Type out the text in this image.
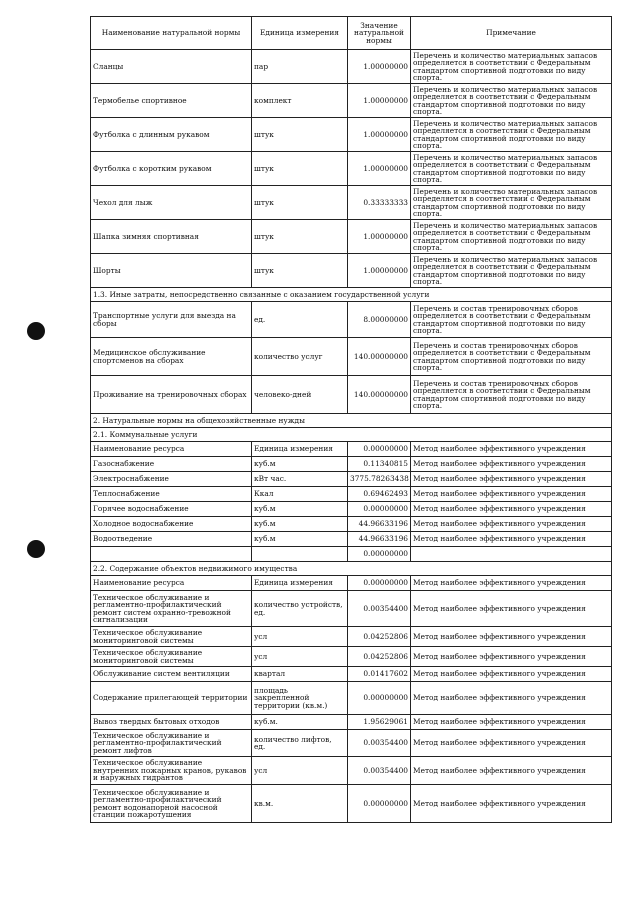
Наименование натуральной нормы	Единица измерения	Значение натуральной нормы	Примечание
Сланцы	пар	1.00000000	Перечень и количество материальных запасов определяется в соответствии с Федеральным стандартом спортивной подготовки по виду спорта.
Термобелье спортивное	комплект	1.00000000	Перечень и количество материальных запасов определяется в соответствии с Федеральным стандартом спортивной подготовки по виду спорта.
Футболка с длинным рукавом	штук	1.00000000	Перечень и количество материальных запасов определяется в соответствии с Федеральным стандартом спортивной подготовки по виду спорта.
Футболка с коротким рукавом	штук	1.00000000	Перечень и количество материальных запасов определяется в соответствии с Федеральным стандартом спортивной подготовки по виду спорта.
Чехол для лыж	штук	0.33333333	Перечень и количество материальных запасов определяется в соответствии с Федеральным стандартом спортивной подготовки по виду спорта.
Шапка зимняя спортивная	штук	1.00000000	Перечень и количество материальных запасов определяется в соответствии с Федеральным стандартом спортивной подготовки по виду спорта.
Шорты	штук	1.00000000	Перечень и количество материальных запасов определяется в соответствии с Федеральным стандартом спортивной подготовки по виду спорта.
1.3. Иные затраты, непосредственно связанные с оказанием государственной услуги			
Транспортные услуги для выезда на сборы	ед.	8.00000000	Перечень и состав тренировочных сборов определяется в соответствии с Федеральным стандартом спортивной подготовки по виду спорта.
Медицинское обслуживание спортсменов на сборах	количество услуг	140.00000000	Перечень и состав тренировочных сборов определяется в соответствии с Федеральным стандартом спортивной подготовки по виду спорта.
Проживание на тренировочных сборах	человеко-дней	140.00000000	Перечень и состав тренировочных сборов определяется в соответствии с Федеральным стандартом спортивной подготовки по виду спорта.
2. Натуральные нормы на общехозяйственные нужды			
2.1. Коммунальные услуги			
Наименование ресурса	Единица измерения	0.00000000	Метод наиболее эффективного учреждения
Газоснабжение	куб.м	0.11340815	Метод наиболее эффективного учреждения
Электроснабжение	кВт час.	3775.78263438	Метод наиболее эффективного учреждения
Теплоснабжение	Ккал	0.69462493	Метод наиболее эффективного учреждения
Горячее водоснабжение	куб.м	0.00000000	Метод наиболее эффективного учреждения
Холодное водоснабжение	куб.м	44.96633196	Метод наиболее эффективного учреждения
Водоотведение	куб.м	44.96633196	Метод наиболее эффективного учреждения
		0.00000000	
2.2. Содержание объектов недвижимого имущества			
Наименование ресурса	Единица измерения	0.00000000	Метод наиболее эффективного учреждения
Техническое обслуживание и регламентно-профилактический ремонт систем охранно-тревожной сигнализации	количество устройств, ед.	0.00354400	Метод наиболее эффективного учреждения
Техническое обслуживание мониторинговой системы	усл	0.04252806	Метод наиболее эффективного учреждения
Техническое обслуживание мониторинговой системы	усл	0.04252806	Метод наиболее эффективного учреждения
Обслуживание систем вентиляции	квартал	0.01417602	Метод наиболее эффективного учреждения
Содержание прилегающей территории	площадь закрепленной территории (кв.м.)	0.00000000	Метод наиболее эффективного учреждения
Вывоз твердых бытовых отходов	куб.м.	1.95629061	Метод наиболее эффективного учреждения
Техническое обслуживание и регламентно-профилактический ремонт лифтов	количество лифтов, ед.	0.00354400	Метод наиболее эффективного учреждения
Техническое обслуживание внутренних пожарных кранов, рукавов и наружных гидрантов	усл	0.00354400	Метод наиболее эффективного учреждения
Техническое обслуживание и регламентно-профилактический ремонт водонапорной насосной станции пожаротушения	кв.м.	0.00000000	Метод наиболее эффективного учреждения
